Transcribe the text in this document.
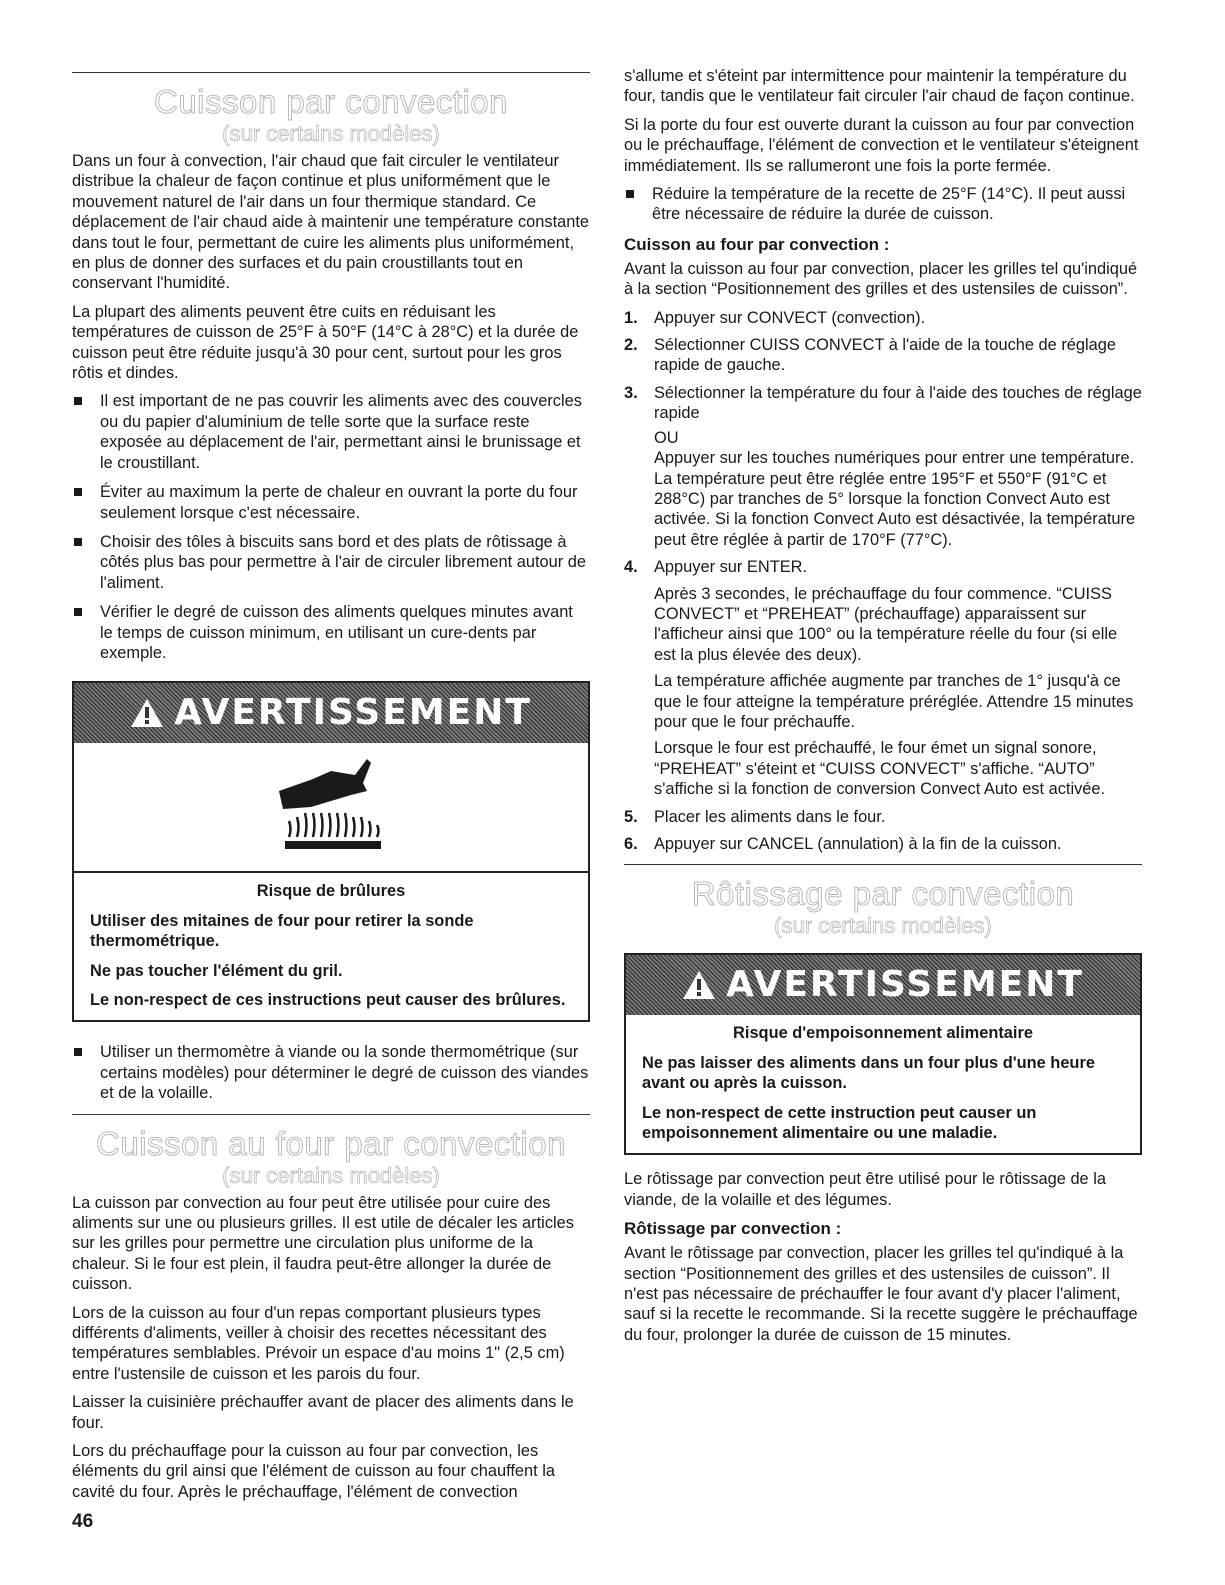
Cuisson par convection
(sur certains modèles)

Dans un four à convection, l'air chaud que fait circuler le ventilateur distribue la chaleur de façon continue et plus uniformément que le mouvement naturel de l'air dans un four thermique standard. Ce déplacement de l'air chaud aide à maintenir une température constante dans tout le four, permettant de cuire les aliments plus uniformément, en plus de donner des surfaces et du pain croustillants tout en conservant l'humidité.

La plupart des aliments peuvent être cuits en réduisant les températures de cuisson de 25°F à 50°F (14°C à 28°C) et la durée de cuisson peut être réduite jusqu'à 30 pour cent, surtout pour les gros rôtis et dindes.

Il est important de ne pas couvrir les aliments avec des couvercles ou du papier d'aluminium de telle sorte que la surface reste exposée au déplacement de l'air, permettant ainsi le brunissage et le croustillant.
Éviter au maximum la perte de chaleur en ouvrant la porte du four seulement lorsque c'est nécessaire.
Choisir des tôles à biscuits sans bord et des plats de rôtissage à côtés plus bas pour permettre à l'air de circuler librement autour de l'aliment.
Vérifier le degré de cuisson des aliments quelques minutes avant le temps de cuisson minimum, en utilisant un cure-dents par exemple.
AVERTISSEMENT

Risque de brûlures

Utiliser des mitaines de four pour retirer la sonde thermométrique.

Ne pas toucher l'élément du gril.

Le non-respect de ces instructions peut causer des brûlures.

Utiliser un thermomètre à viande ou la sonde thermométrique (sur certains modèles) pour déterminer le degré de cuisson des viandes et de la volaille.
Cuisson au four par convection
(sur certains modèles)

La cuisson par convection au four peut être utilisée pour cuire des aliments sur une ou plusieurs grilles. Il est utile de décaler les articles sur les grilles pour permettre une circulation plus uniforme de la chaleur. Si le four est plein, il faudra peut-être allonger la durée de cuisson.

Lors de la cuisson au four d'un repas comportant plusieurs types différents d'aliments, veiller à choisir des recettes nécessitant des températures semblables. Prévoir un espace d'au moins 1" (2,5 cm) entre l'ustensile de cuisson et les parois du four.

Laisser la cuisinière préchauffer avant de placer des aliments dans le four.

Lors du préchauffage pour la cuisson au four par convection, les éléments du gril ainsi que l'élément de cuisson au four chauffent la cavité du four. Après le préchauffage, l'élément de convection

s'allume et s'éteint par intermittence pour maintenir la température du four, tandis que le ventilateur fait circuler l'air chaud de façon continue.

Si la porte du four est ouverte durant la cuisson au four par convection ou le préchauffage, l'élément de convection et le ventilateur s'éteignent immédiatement. Ils se rallumeront une fois la porte fermée.

Réduire la température de la recette de 25°F (14°C). Il peut aussi être nécessaire de réduire la durée de cuisson.
Cuisson au four par convection :

Avant la cuisson au four par convection, placer les grilles tel qu'indiqué à la section “Positionnement des grilles et des ustensiles de cuisson”.

1. Appuyer sur CONVECT (convection).
2. Sélectionner CUISS CONVECT à l'aide de la touche de réglage rapide de gauche.
3. Sélectionner la température du four à l'aide des touches de réglage rapide

OU

Appuyer sur les touches numériques pour entrer une température. La température peut être réglée entre 195°F et 550°F (91°C et 288°C) par tranches de 5° lorsque la fonction Convect Auto est activée. Si la fonction Convect Auto est désactivée, la température peut être réglée à partir de 170°F (77°C).

4. Appuyer sur ENTER.

Après 3 secondes, le préchauffage du four commence. “CUISS CONVECT” et “PREHEAT” (préchauffage) apparaissent sur l'afficheur ainsi que 100° ou la température réelle du four (si elle est la plus élevée des deux).

La température affichée augmente par tranches de 1° jusqu'à ce que le four atteigne la température préréglée. Attendre 15 minutes pour que le four préchauffe.

Lorsque le four est préchauffé, le four émet un signal sonore, “PREHEAT” s'éteint et “CUISS CONVECT” s'affiche. “AUTO” s'affiche si la fonction de conversion Convect Auto est activée.

5. Placer les aliments dans le four.
6. Appuyer sur CANCEL (annulation) à la fin de la cuisson.
Rôtissage par convection
(sur certains modèles)
AVERTISSEMENT

Risque d'empoisonnement alimentaire

Ne pas laisser des aliments dans un four plus d'une heure avant ou après la cuisson.

Le non-respect de cette instruction peut causer un empoisonnement alimentaire ou une maladie.

Le rôtissage par convection peut être utilisé pour le rôtissage de la viande, de la volaille et des légumes.

Rôtissage par convection :

Avant le rôtissage par convection, placer les grilles tel qu'indiqué à la section “Positionnement des grilles et des ustensiles de cuisson”. Il n'est pas nécessaire de préchauffer le four avant d'y placer l'aliment, sauf si la recette le recommande. Si la recette suggère le préchauffage du four, prolonger la durée de cuisson de 15 minutes.

46
